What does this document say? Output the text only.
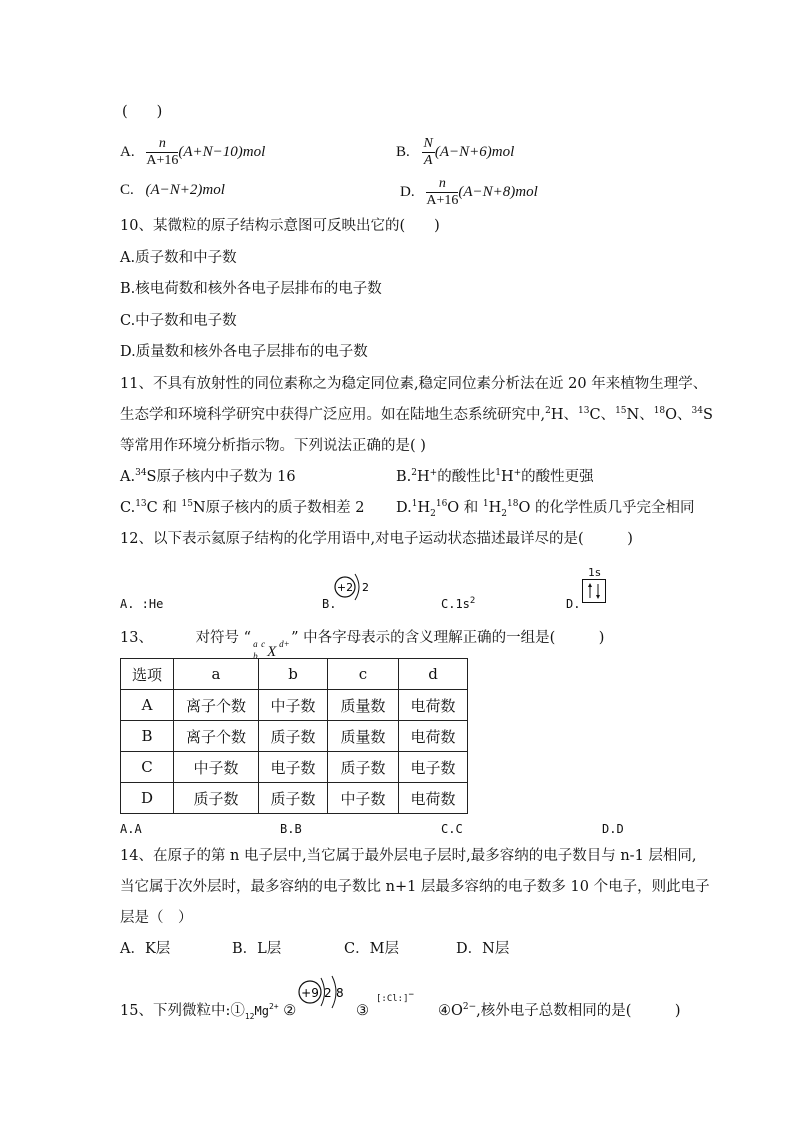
(　　)
A. $\frac{n}{A+16} (A+N-10)mol$	B. $\frac{N}{A} (A-N+6)mol$
C. (A−N+2)mol	D. $\frac{n}{A+16} (A-N+8)mol$
10、某微粒的原子结构示意图可反映出它的(　　)
A.质子数和中子数
B.核电荷数和核外各电子层排布的电子数
C.中子数和电子数
D.质量数和核外各电子层排布的电子数
11、不具有放射性的同位素称之为稳定同位素,稳定同位素分析法在近 20 年来植物生理学、
生态学和环境科学研究中获得广泛应用。如在陆地生态系统研究中,$^2$H、$^{13}$C、$^{15}$N、$^{18}$O、$^{34}$S
等常用作环境分析指示物。下列说法正确的是( )
A.$^{34}$S原子核内中子数为 16	B.$^2$H+的酸性比$^1$H+的酸性更强
C.$^{13}$C 和 $^{15}$N原子核内的质子数相差 2 $D.^1H_2^{16}O$ 和 $^1H_2^{18}O$ 的化学性质几乎完全相同
12、以下表示氦原子结构的化学用语中,对电子运动状态描述最详尽的是(　　　)
A. :He	B.
+2 2
$C.1s^2$	D.
1s
13、	对符号 “
b
a c X d+ ” 中各字母表示的含义理解正确的一组是(　　　)
选项	a	b	c	d
A	离子个数	中子数	质量数	电荷数
B	离子个数	质子数	质量数	电荷数
C	中子数	电子数	质子数	电子数
D	质子数	质子数	中子数	电荷数
A.A	B.B	C.C	D.D
14、在原子的第 n 电子层中,当它属于最外层电子层时,最多容纳的电子数目与 n-1 层相同,
当它属于次外层时，最多容纳的电子数比 n+1 层最多容纳的电子数多 10 个电子，则此电子
层是（　）
A．K层	B．L层	C．M层	D．N层
15、下列微粒中$:①_{12}Mg^{2+}$ ②
+9 2 8
③
[:Cl:]−
$④O^{2-}$,核外电子总数相同的是(　　　)
